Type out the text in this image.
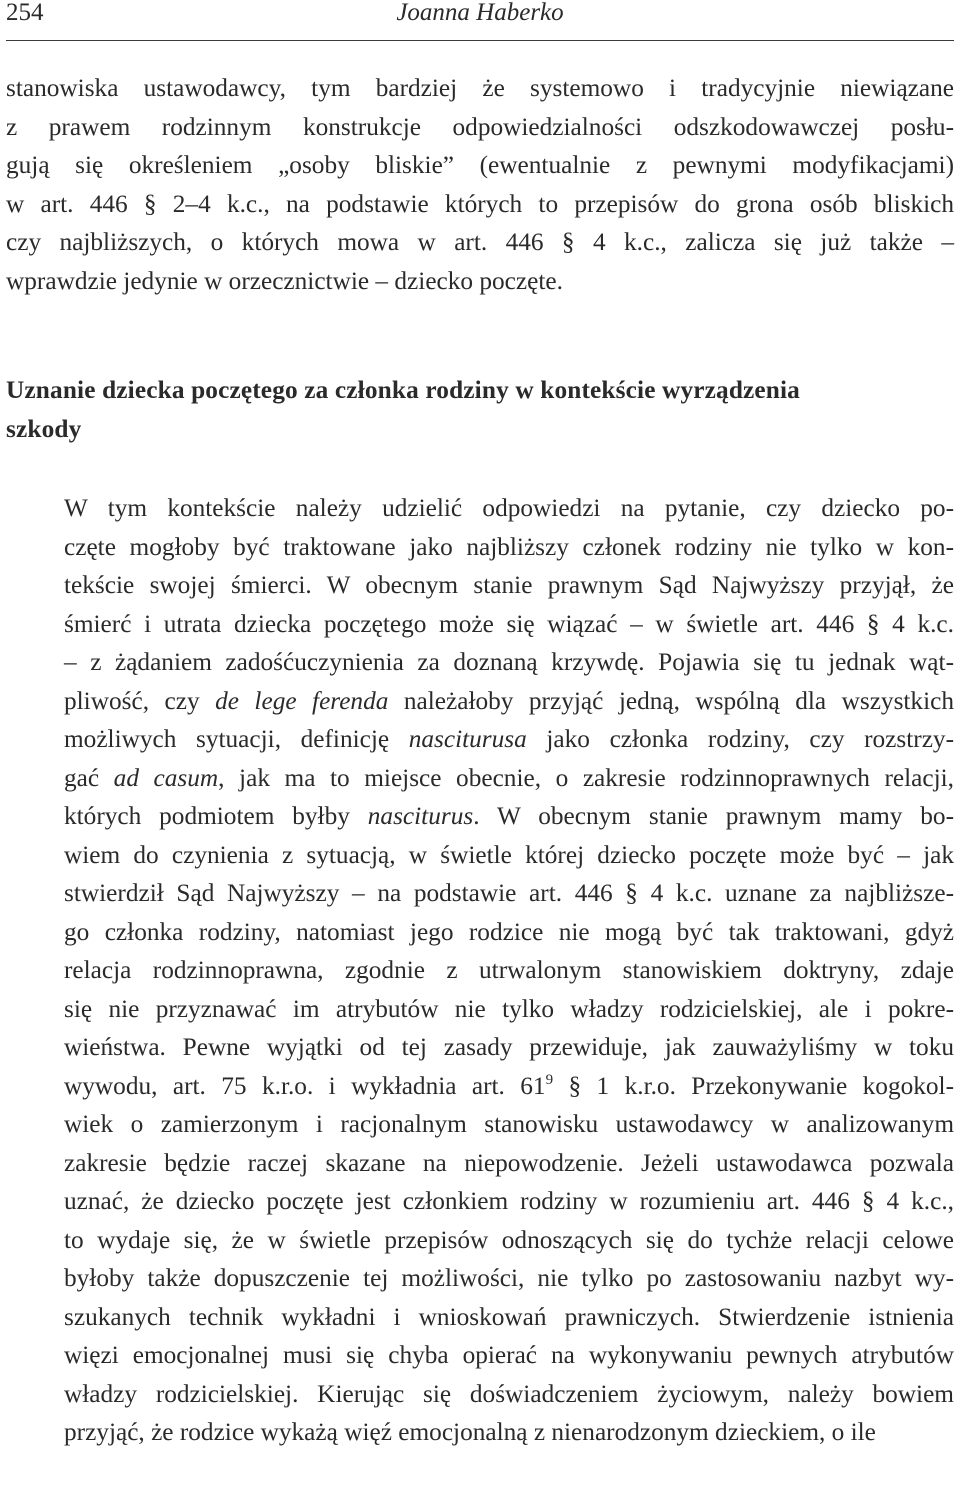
254	Joanna Haberko
stanowiska ustawodawcy, tym bardziej że systemowo i tradycyjnie niewiązane
z prawem rodzinnym konstrukcje odpowiedzialności odszkodowawczej posłu-
gują się określeniem „osoby bliskie” (ewentualnie z pewnymi modyfikacjami)
w art. 446 § 2–4 k.c., na podstawie których to przepisów do grona osób bliskich
czy najbliższych, o których mowa w art. 446 § 4 k.c., zalicza się już także –
wprawdzie jedynie w orzecznictwie – dziecko poczęte.
Uznanie dziecka poczętego za członka rodziny w kontekście wyrządzenia
szkody
W tym kontekście należy udzielić odpowiedzi na pytanie, czy dziecko po-
częte mogłoby być traktowane jako najbliższy członek rodziny nie tylko w kon-
tekście swojej śmierci. W obecnym stanie prawnym Sąd Najwyższy przyjął, że
śmierć i utrata dziecka poczętego może się wiązać – w świetle art. 446 § 4 k.c.
– z żądaniem zadośćuczynienia za doznaną krzywdę. Pojawia się tu jednak wąt-
pliwość, czy de lege ferenda należałoby przyjąć jedną, wspólną dla wszystkich
możliwych sytuacji, definicję nasciturusa jako członka rodziny, czy rozstrzy-
gać ad casum, jak ma to miejsce obecnie, o zakresie rodzinnoprawnych relacji,
których podmiotem byłby nasciturus. W obecnym stanie prawnym mamy bo-
wiem do czynienia z sytuacją, w świetle której dziecko poczęte może być – jak
stwierdził Sąd Najwyższy – na podstawie art. 446 § 4 k.c. uznane za najbliższe-
go członka rodziny, natomiast jego rodzice nie mogą być tak traktowani, gdyż
relacja rodzinnoprawna, zgodnie z utrwalonym stanowiskiem doktryny, zdaje
się nie przyznawać im atrybutów nie tylko władzy rodzicielskiej, ale i pokre-
wieństwa. Pewne wyjątki od tej zasady przewiduje, jak zauważyliśmy w toku
wywodu, art. 75 k.r.o. i wykładnia art. $61^9$ § 1 k.r.o. Przekonywanie kogokol-
wiek o zamierzonym i racjonalnym stanowisku ustawodawcy w analizowanym
zakresie będzie raczej skazane na niepowodzenie. Jeżeli ustawodawca pozwala
uznać, że dziecko poczęte jest członkiem rodziny w rozumieniu art. 446 § 4 k.c.,
to wydaje się, że w świetle przepisów odnoszących się do tychże relacji celowe
byłoby także dopuszczenie tej możliwości, nie tylko po zastosowaniu nazbyt wy-
szukanych technik wykładni i wnioskowań prawniczych. Stwierdzenie istnienia
więzi emocjonalnej musi się chyba opierać na wykonywaniu pewnych atrybutów
władzy rodzicielskiej. Kierując się doświadczeniem życiowym, należy bowiem
przyjąć, że rodzice wykażą więź emocjonalną z nienarodzonym dzieckiem, o ile
